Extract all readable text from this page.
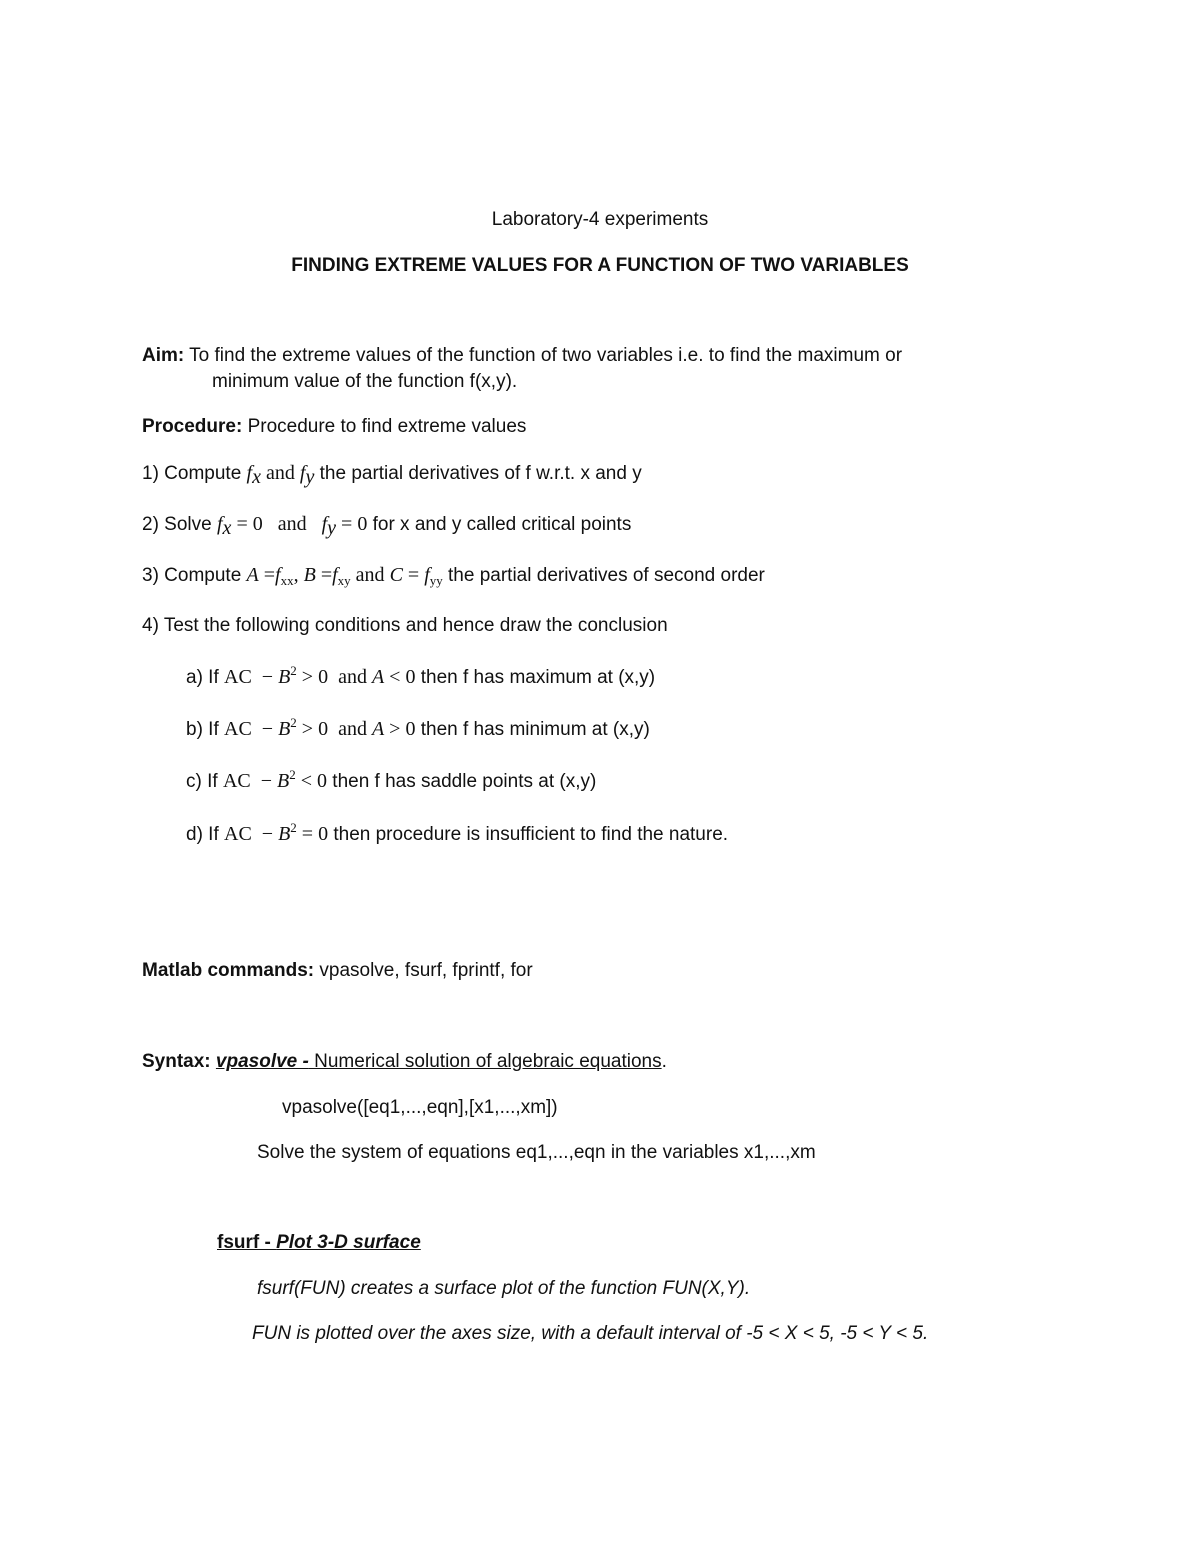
Laboratory-4 experiments
FINDING EXTREME VALUES FOR A FUNCTION OF TWO VARIABLES
Aim: To find the extreme values of the function of two variables i.e. to find the maximum or
minimum value of the function f(x,y).
Procedure: Procedure to find extreme values
1) Compute $f_x$ and $f_y$ the partial derivatives of f w.r.t. x and y
2) Solve $f_x = 0$   and   $f_y = 0$ for x and y called critical points
3) Compute $A =f_{xx}$, $B =f_{xy}$ and $C = f_{yy}$ the partial derivatives of second order
4) Test the following conditions and hence draw the conclusion
a) If AC  − $B^2 > 0$  and A < 0 then f has maximum at (x,y)
b) If AC  − $B^2 > 0$  and A > 0 then f has minimum at (x,y)
c) If AC  − $B^2 < 0$ then f has saddle points at (x,y)
d) If AC  − $B^2 = 0$ then procedure is insufficient to find the nature.
Matlab commands: vpasolve, fsurf, fprintf, for
Syntax: vpasolve - Numerical solution of algebraic equations.
vpasolve([eq1,...,eqn],[x1,...,xm])
Solve the system of equations eq1,...,eqn in the variables x1,...,xm
fsurf - Plot 3-D surface
fsurf(FUN) creates a surface plot of the function FUN(X,Y).
FUN is plotted over the axes size, with a default interval of -5 < X < 5, -5 < Y < 5.
